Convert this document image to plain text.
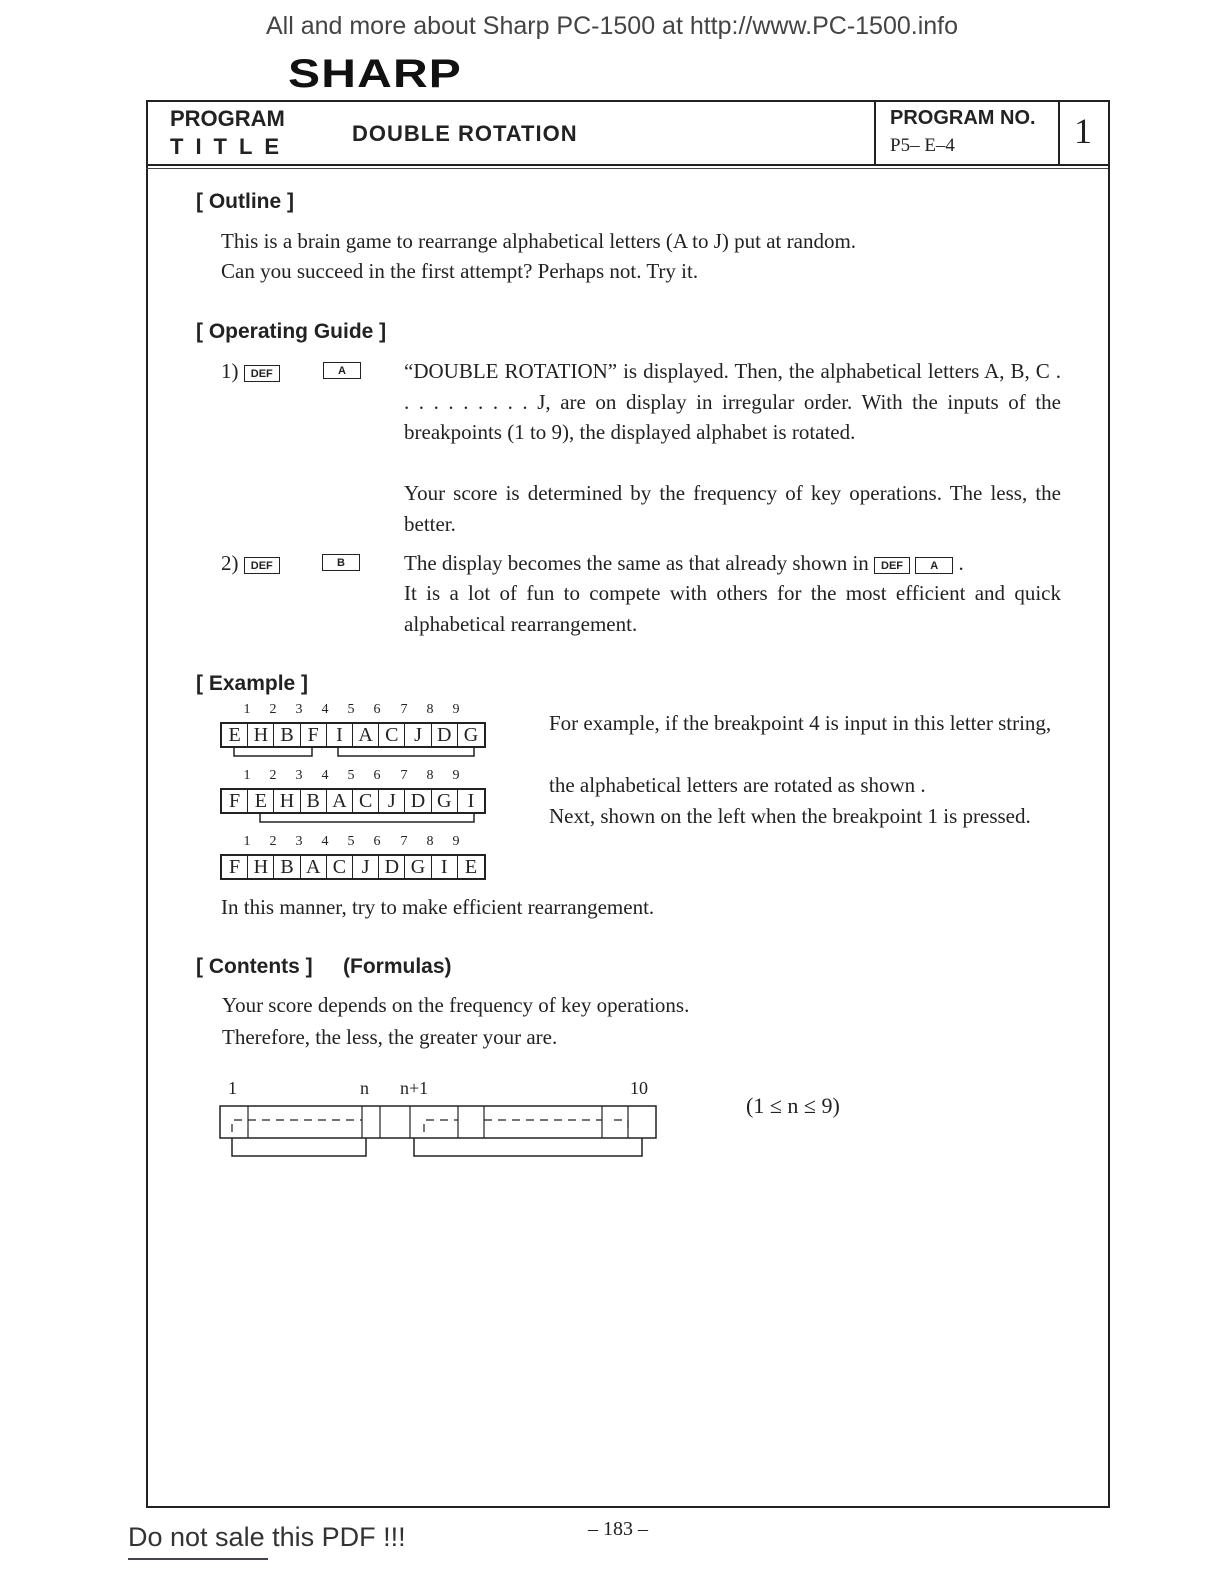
All and more about Sharp PC-1500 at http://www.PC-1500.info
SHARP
PROGRAM
TITLE
DOUBLE ROTATION
PROGRAM NO.
P5– E–4	1
[ Outline ]
This is a brain game to rearrange alphabetical letters (A to J) put at random.
Can you succeed in the first attempt? Perhaps not. Try it.
[ Operating Guide ]
1) DEF	A	“DOUBLE ROTATION” is displayed. Then, the alphabetical letters A, B, C . . . . . . . . . . J, are on display in irregular order. With the inputs of the breakpoints (1 to 9), the displayed alphabet is rotated.
Your score is determined by the frequency of key operations. The less, the better.
2) DEF	B	The display becomes the same as that already shown in DEF A .
It is a lot of fun to compete with others for the most efficient and quick alphabetical rearrangement.
[ Example ]
1 2 3 4 5 6 7 8 9
E H B F I A C J D G
1 2 3 4 5 6 7 8 9
F E H B A C J D G I
1 2 3 4 5 6 7 8 9
F H B A C J D G I E
For example, if the breakpoint 4 is input in this letter string,
the alphabetical letters are rotated as shown .
Next, shown on the left when the breakpoint 1 is pressed.
In this manner, try to make efficient rearrangement.
[ Contents ] (Formulas)
Your score depends on the frequency of key operations.
Therefore, the less, the greater your are.
1	n n+1	10
(1 ≤ n ≤ 9)
Do not sale this PDF !!!	– 183 –
